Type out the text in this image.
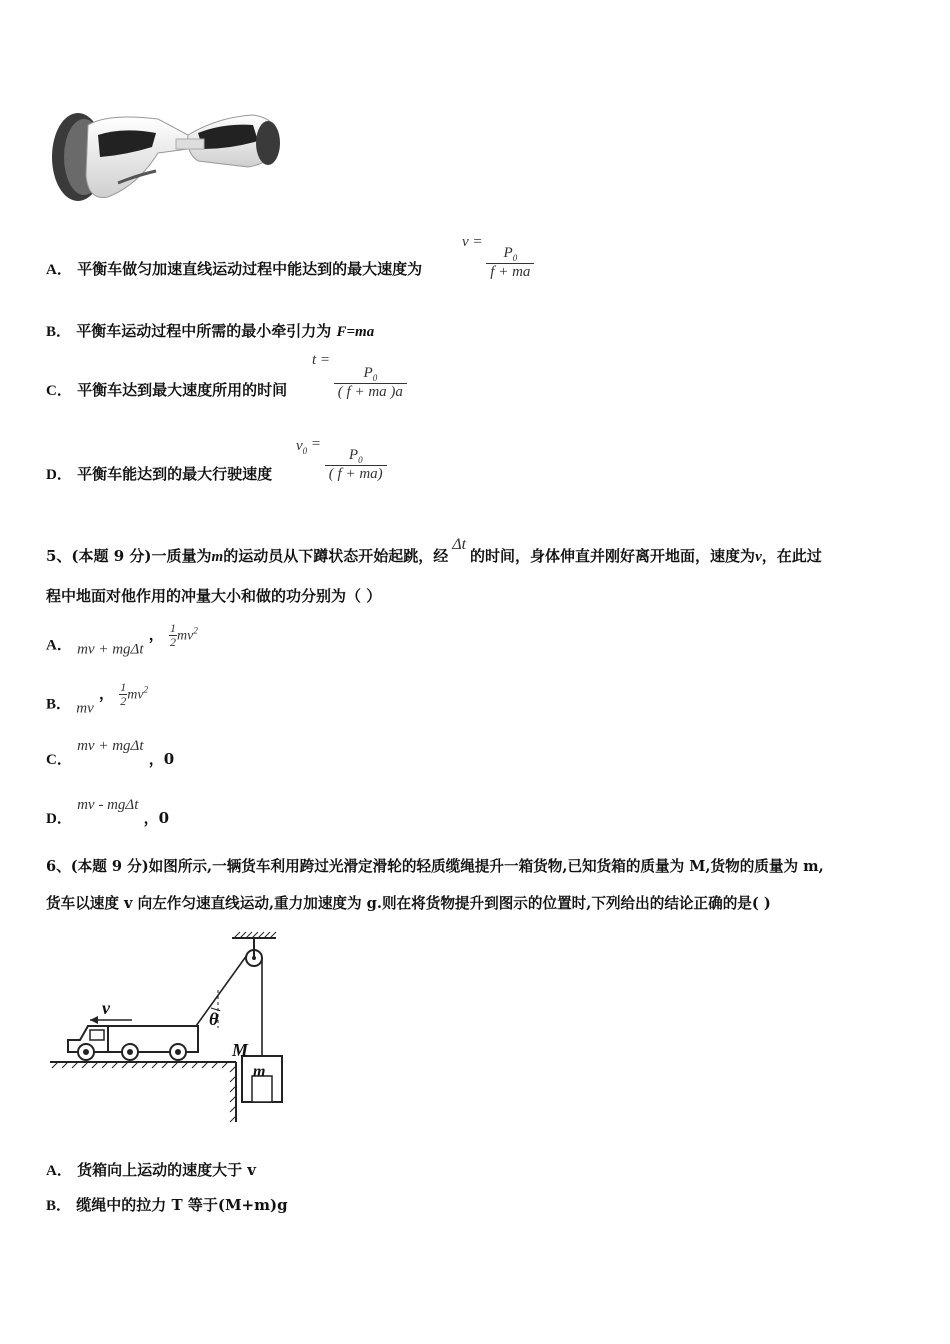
A． 平衡车做匀加速直线运动过程中能达到的最大速度为
v =
$\frac{P_0}{f + ma}$
B． 平衡车运动过程中所需的最小牵引力为 F=ma
C． 平衡车达到最大速度所用的时间
t =
$\frac{P_0}{( f + ma )a}$
D． 平衡车能达到的最大行驶速度
$v_0$ =
$\frac{P_0}{( f + ma)}$
5、(本题 9 分)一质量为m的运动员从下蹲状态开始起跳，经Δt的时间，身体伸直并刚好离开地面，速度为v，在此过
程中地面对他作用的冲量大小和做的功分别为（ ）
A． mv + mgΔt ， $\frac{1}{2} mv^2$
B． mv ， $\frac{1}{2} mv^2$
C． mv + mgΔt ，0
D． mv - mgΔt ，0
6、(本题 9 分)如图所示,一辆货车利用跨过光滑定滑轮的轻质缆绳提升一箱货物,已知货箱的质量为 M,货物的质量为 m,
货车以速度 v 向左作匀速直线运动,重力加速度为 g.则在将货物提升到图示的位置时,下列给出的结论正确的是( )
θ
v
M
m
A． 货箱向上运动的速度大于 v
B． 缆绳中的拉力 T 等于(M+m)g
